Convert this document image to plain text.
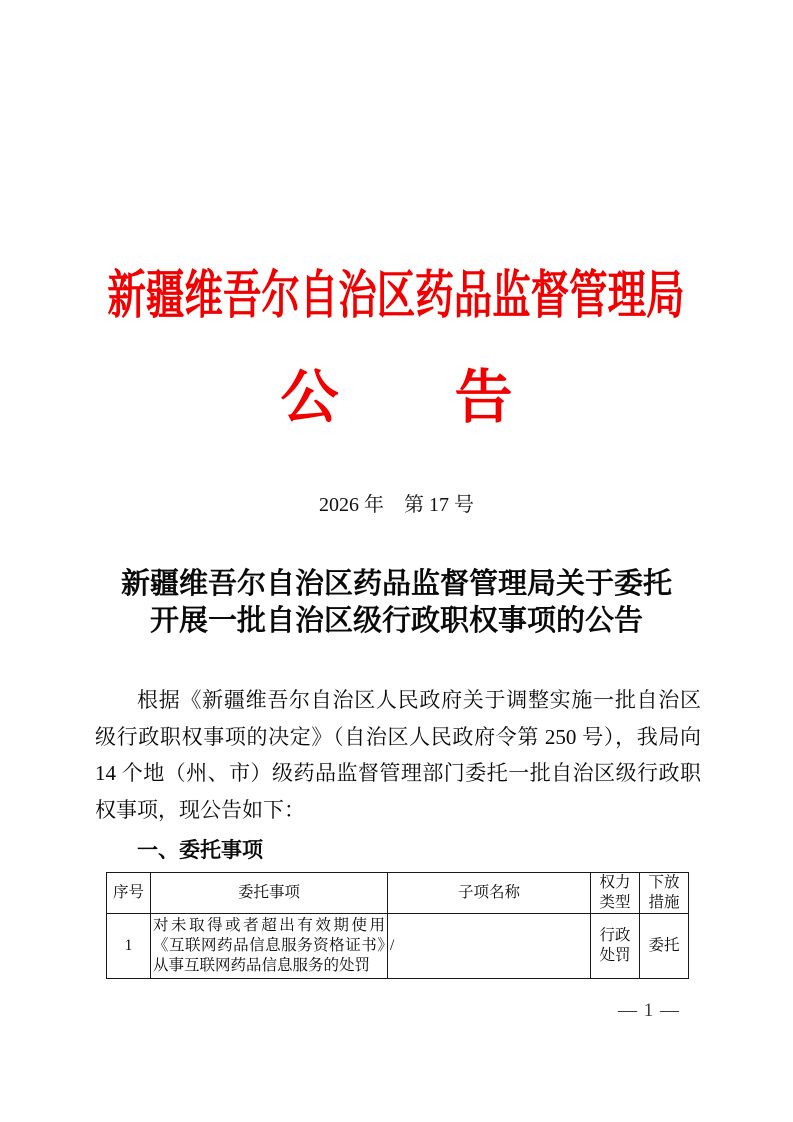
新疆维吾尔自治区药品监督管理局
公　　告
2026 年　第 17 号
新疆维吾尔自治区药品监督管理局关于委托
开展一批自治区级行政职权事项的公告
根据《新疆维吾尔自治区人民政府关于调整实施一批自治区
级行政职权事项的决定》（自治区人民政府令第 250 号），我局向
14 个地（州、市）级药品监督管理部门委托一批自治区级行政职
权事项，现公告如下：
一、委托事项
序号	委托事项	子项名称	权力类型	下放措施
1	对未取得或者超出有效期使用《互联网药品信息服务资格证书》从事互联网药品信息服务的处罚	/	行政处罚	委托
— 1 —
